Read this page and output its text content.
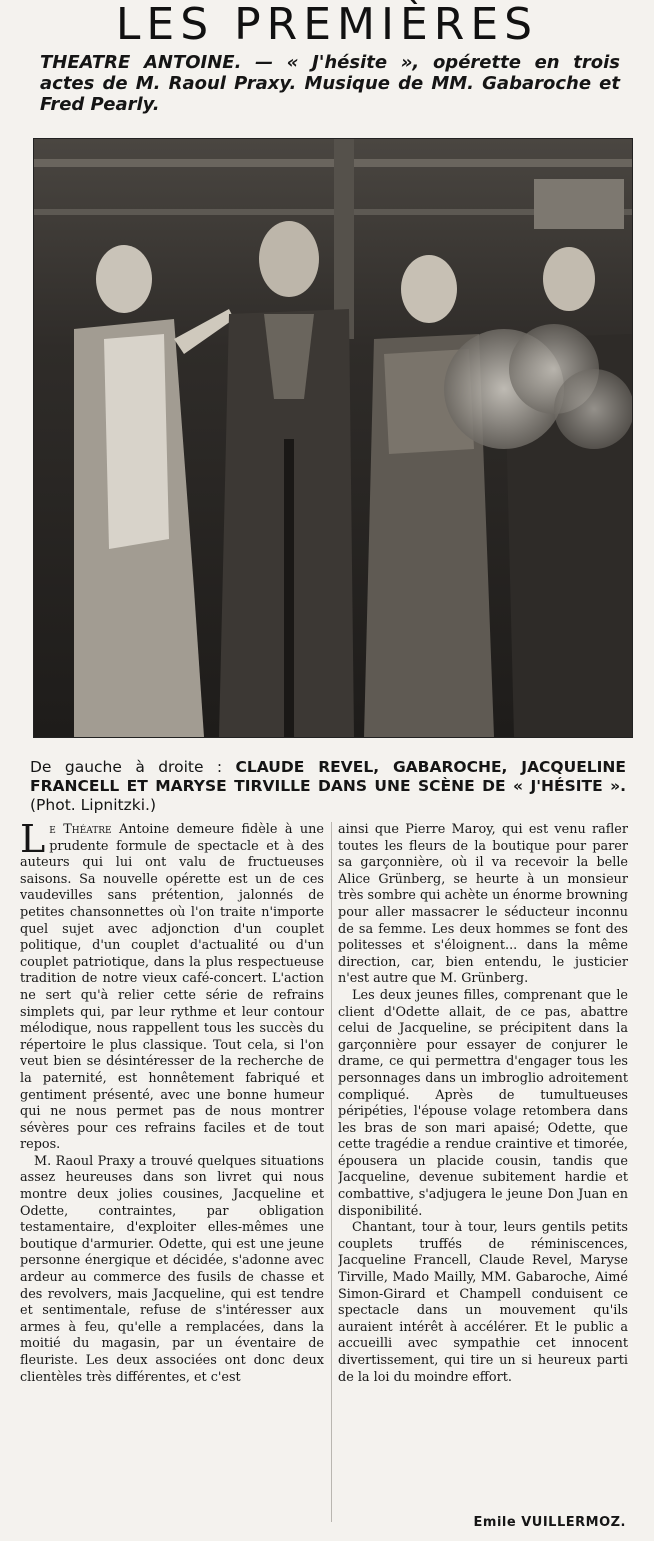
LES PREMIÈRES
THEATRE ANTOINE. — « J'hésite », opérette en trois actes de M. Raoul Praxy. Musique de MM. Gabaroche et Fred Pearly.
De gauche à droite : CLAUDE REVEL, GABAROCHE, JACQUELINE FRANCELL ET MARYSE TIRVILLE DANS UNE SCÈNE DE « J'HÉSITE ». (Phot. Lipnitzki.)

Le Théatre Antoine demeure fidèle à une prudente formule de spectacle et à des auteurs qui lui ont valu de fructueuses saisons. Sa nouvelle opérette est un de ces vaudevilles sans prétention, jalonnés de petites chansonnettes où l'on traite n'importe quel sujet avec adjonction d'un couplet politique, d'un couplet d'actualité ou d'un couplet patriotique, dans la plus respectueuse tradition de notre vieux café-concert. L'action ne sert qu'à relier cette série de refrains simplets qui, par leur rythme et leur contour mélodique, nous rappellent tous les succès du répertoire le plus classique. Tout cela, si l'on veut bien se désintéresser de la recherche de la paternité, est honnêtement fabriqué et gentiment présenté, avec une bonne humeur qui ne nous permet pas de nous montrer sévères pour ces refrains faciles et de tout repos.

M. Raoul Praxy a trouvé quelques situations assez heureuses dans son livret qui nous montre deux jolies cousines, Jacqueline et Odette, contraintes, par obligation testamentaire, d'exploiter elles-mêmes une boutique d'armurier. Odette, qui est une jeune personne énergique et décidée, s'adonne avec ardeur au commerce des fusils de chasse et des revolvers, mais Jacqueline, qui est tendre et sentimentale, refuse de s'intéresser aux armes à feu, qu'elle a remplacées, dans la moitié du magasin, par un éventaire de fleuriste. Les deux associées ont donc deux clientèles très différentes, et c'est

ainsi que Pierre Maroy, qui est venu rafler toutes les fleurs de la boutique pour parer sa garçonnière, où il va recevoir la belle Alice Grünberg, se heurte à un monsieur très sombre qui achète un énorme browning pour aller massacrer le séducteur inconnu de sa femme. Les deux hommes se font des politesses et s'éloignent... dans la même direction, car, bien entendu, le justicier n'est autre que M. Grünberg.

Les deux jeunes filles, comprenant que le client d'Odette allait, de ce pas, abattre celui de Jacqueline, se précipitent dans la garçonnière pour essayer de conjurer le drame, ce qui permettra d'engager tous les personnages dans un imbroglio adroitement compliqué. Après de tumultueuses péripéties, l'épouse volage retombera dans les bras de son mari apaisé; Odette, que cette tragédie a rendue craintive et timorée, épousera un placide cousin, tandis que Jacqueline, devenue subitement hardie et combattive, s'adjugera le jeune Don Juan en disponibilité.

Chantant, tour à tour, leurs gentils petits couplets truffés de réminiscences, Jacqueline Francell, Claude Revel, Maryse Tirville, Mado Mailly, MM. Gabaroche, Aimé Simon-Girard et Champell conduisent ce spectacle dans un mouvement qu'ils auraient intérêt à accélérer. Et le public a accueilli avec sympathie cet innocent divertissement, qui tire un si heureux parti de la loi du moindre effort.

Emile VUILLERMOZ.
